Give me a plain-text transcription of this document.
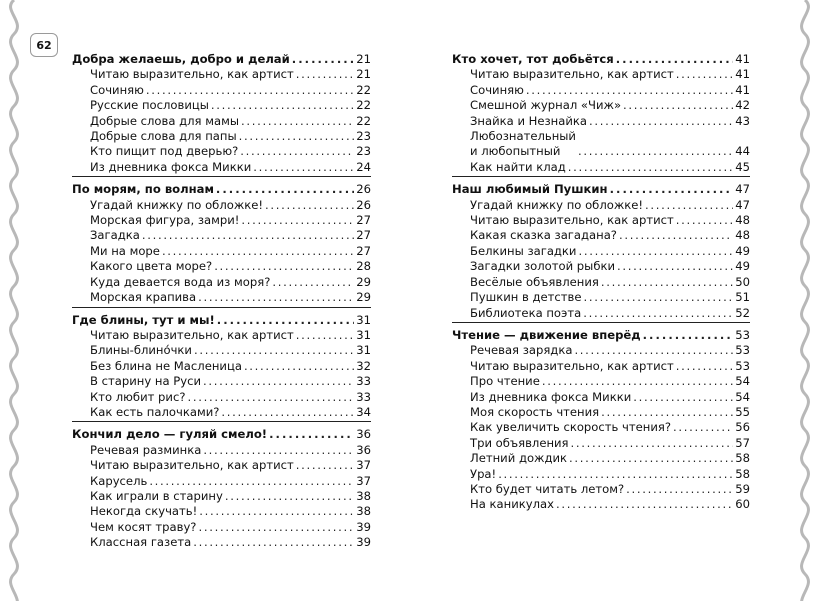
62
Добра желаешь, добро и делай . . .	21
Читаю выразительно, как артист . . .	21
Сочиняю . . .	22
Русские пословицы . . .	22
Добрые слова для мамы . . .	22
Добрые слова для папы . . .	23
Кто пищит под дверью? . . .	23
Из дневника фокса Микки . . .	24
По морям, по волнам . . .	26
Угадай книжку по обложке! . . .	26
Морская фигура, замри! . . .	27
Загадка . . .	27
Ми на море . . .	27
Какого цвета море? . . .	28
Куда девается вода из моря? . . .	29
Морская крапива . . .	29
Где блины, тут и мы! . . .	31
Читаю выразительно, как артист . . .	31
Блины-блино́чки . . .	31
Без блина не Масленица . . .	32
В старину на Руси . . .	33
Кто любит рис? . . .	33
Как есть палочками? . . .	34
Кончил дело — гуляй смело! . . .	36
Речевая разминка . . .	36
Читаю выразительно, как артист . . .	37
Карусель . . .	37
Как играли в старину . . .	38
Некогда скучать! . . .	38
Чем косят траву? . . .	39
Классная газета . . .	39
Кто хочет, тот добьётся . . .	41
Читаю выразительно, как артист . . .	41
Сочиняю . . .	41
Смешной журнал «Чиж» . . .	42
Знайка и Незнайка . . .	43
Любознательный
и любопытный . . .	44
Как найти клад . . .	45
Наш любимый Пушкин . . .	47
Угадай книжку по обложке! . . .	47
Читаю выразительно, как артист . . .	48
Какая сказка загадана? . . .	48
Белкины загадки . . .	49
Загадки золотой рыбки . . .	49
Весёлые объявления . . .	50
Пушкин в детстве . . .	51
Библиотека поэта . . .	52
Чтение — движение вперёд . . .	53
Речевая зарядка . . .	53
Читаю выразительно, как артист . . .	53
Про чтение . . .	54
Из дневника фокса Микки . . .	54
Моя скорость чтения . . .	55
Как увеличить скорость чтения? . . .	56
Три объявления . . .	57
Летний дождик . . .	58
Ура! . . .	58
Кто будет читать летом? . . .	59
На каникулах . . .	60
